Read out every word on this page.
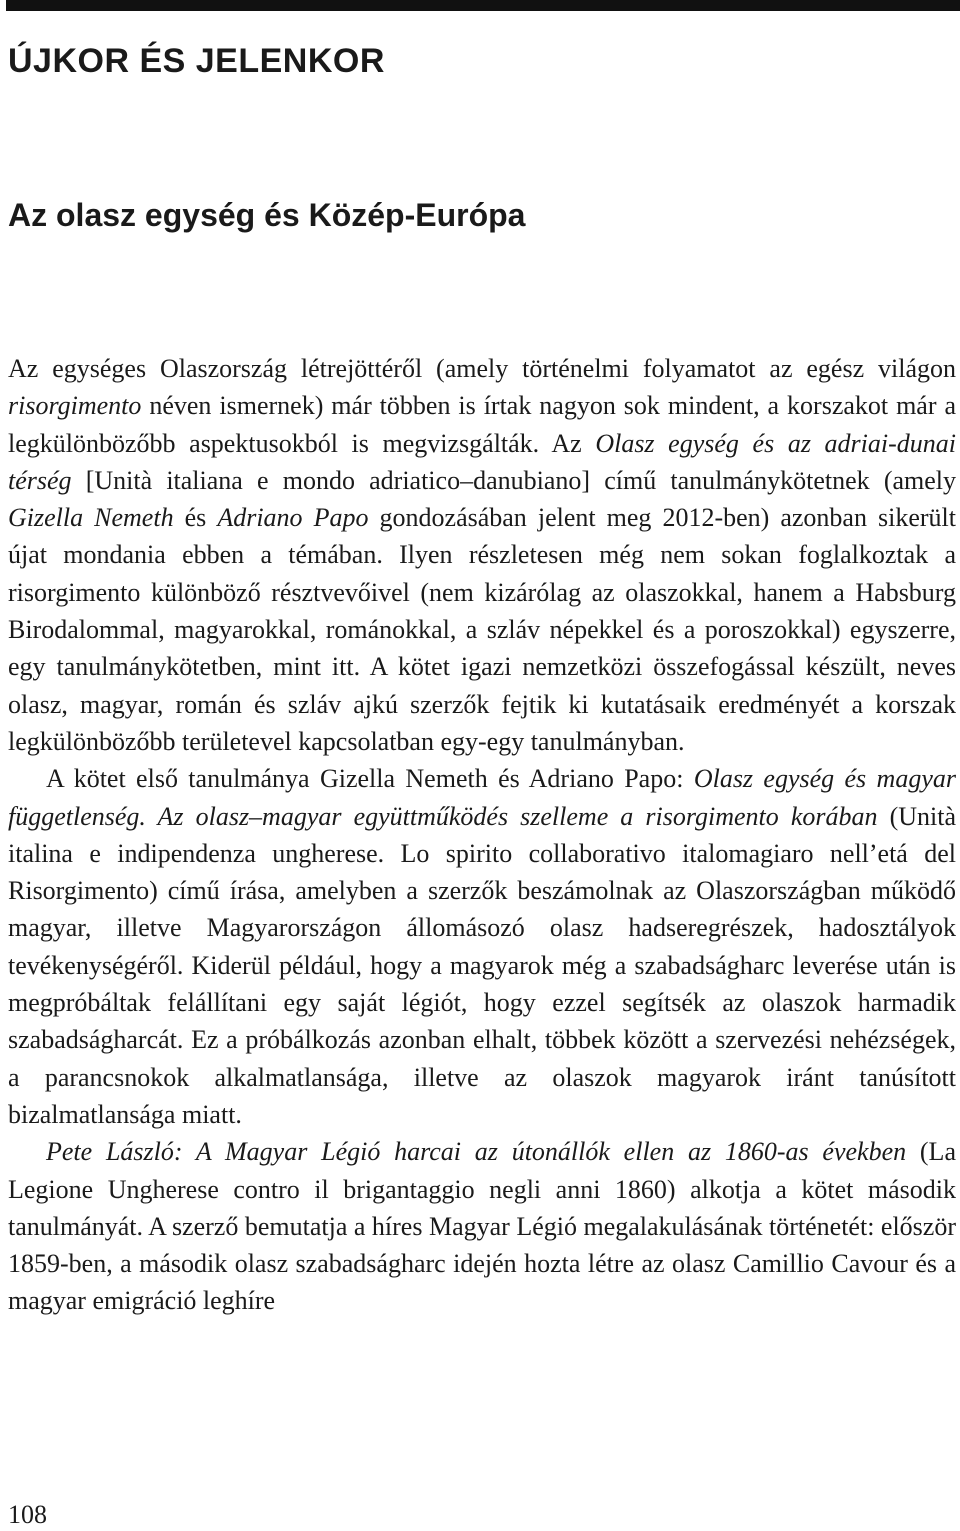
ÚJKOR ÉS JELENKOR
Az olasz egység és Közép-Európa

Az egységes Olaszország létrejöttéről (amely történelmi folyamatot az egész világon risorgimento néven ismernek) már többen is írtak nagyon sok mindent, a korszakot már a legkülönbözőbb aspektusokból is megvizsgálták. Az Olasz egység és az adriai-dunai térség [Unità italiana e mondo adriatico–danubiano] című tanulmánykötetnek (amely Gizella Nemeth és Adriano Papo gondozásában jelent meg 2012-ben) azonban sikerült újat mondania ebben a témában. Ilyen részletesen még nem sokan foglalkoztak a risorgimento különböző résztvevőivel (nem kizárólag az olaszokkal, hanem a Habsburg Birodalommal, magyarokkal, románokkal, a szláv népekkel és a poroszokkal) egyszerre, egy tanulmánykötetben, mint itt. A kötet igazi nemzetközi összefogással készült, neves olasz, magyar, román és szláv ajkú szerzők fejtik ki kutatásaik eredményét a korszak legkülönbözőbb területevel kapcsolatban egy-egy tanulmányban.

A kötet első tanulmánya Gizella Nemeth és Adriano Papo: Olasz egység és magyar függetlenség. Az olasz–magyar együttműködés szelleme a risorgimento korában (Unità italina e indipendenza ungherese. Lo spirito collaborativo italomagiaro nell’etá del Risorgimento) című írása, amelyben a szerzők beszámolnak az Olaszországban működő magyar, illetve Magyarországon állomásozó olasz hadseregrészek, hadosztályok tevékenységéről. Kiderül például, hogy a magyarok még a szabadságharc leverése után is megpróbáltak felállítani egy saját légiót, hogy ezzel segítsék az olaszok harmadik szabadságharcát. Ez a próbálkozás azonban elhalt, többek között a szervezési nehézségek, a parancsnokok alkalmatlansága, illetve az olaszok magyarok iránt tanúsított bizalmatlansága miatt.

Pete László: A Magyar Légió harcai az útonállók ellen az 1860-as években (La Legione Ungherese contro il brigantaggio negli anni 1860) alkotja a kötet második tanulmányát. A szerző bemutatja a híres Magyar Légió megalakulásának történetét: először 1859-ben, a második olasz szabadságharc idején hozta létre az olasz Camillio Cavour és a magyar emigráció leghíre

108
